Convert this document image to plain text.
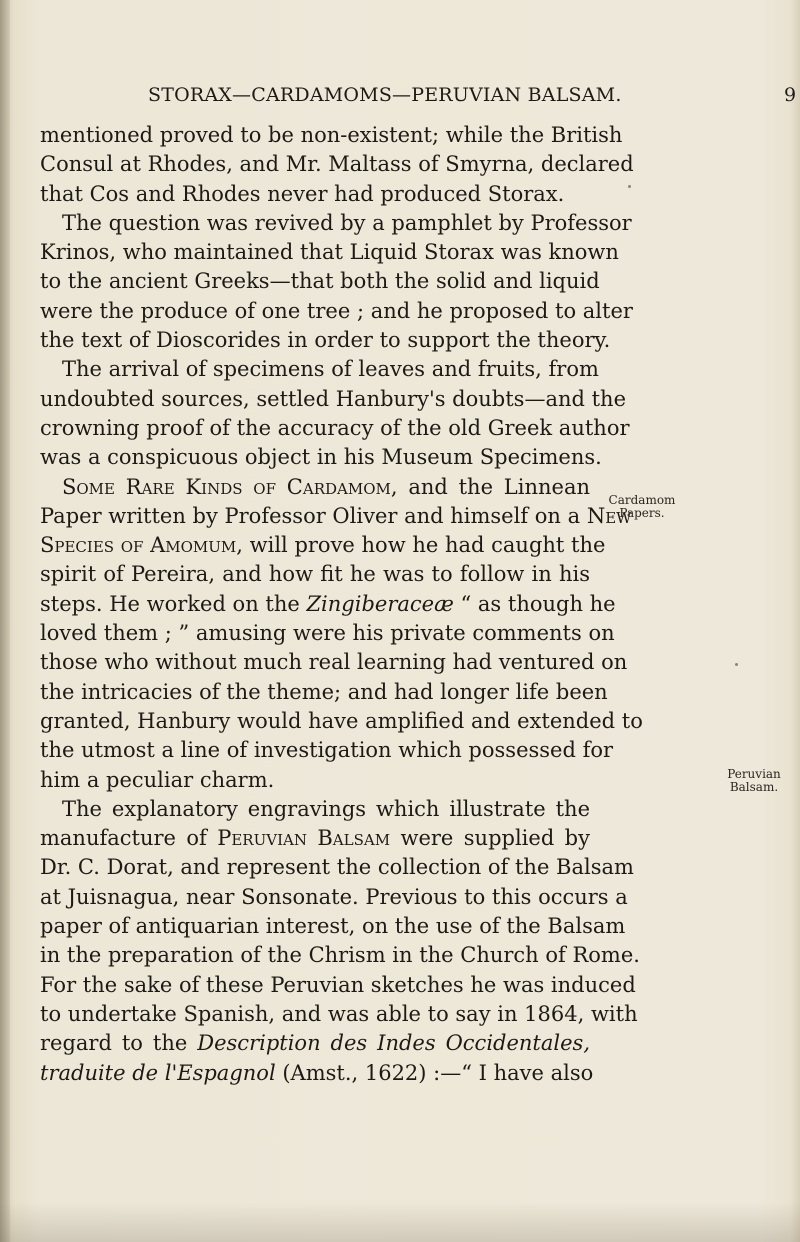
STORAX—CARDAMOMS—PERUVIAN BALSAM.	9
mentioned proved to be non-existent; while the British
Consul at Rhodes, and Mr. Maltass of Smyrna, declared
that Cos and Rhodes never had produced Storax.
The question was revived by a pamphlet by Professor
Krinos, who maintained that Liquid Storax was known
to the ancient Greeks—that both the solid and liquid
were the produce of one tree ; and he proposed to alter
the text of Dioscorides in order to support the theory.
The arrival of specimens of leaves and fruits, from
undoubted sources, settled Hanbury's doubts—and the
crowning proof of the accuracy of the old Greek author
was a conspicuous object in his Museum Specimens.
Some Rare Kinds of Cardamom, and the Linnean
Paper written by Professor Oliver and himself on a New
Species of Amomum, will prove how he had caught the
spirit of Pereira, and how fit he was to follow in his
steps. He worked on the Zingiberaceæ “ as though he
loved them ; ” amusing were his private comments on
those who without much real learning had ventured on
the intricacies of the theme; and had longer life been
granted, Hanbury would have amplified and extended to
the utmost a line of investigation which possessed for
him a peculiar charm.
The explanatory engravings which illustrate the
manufacture of Peruvian Balsam were supplied by
Dr. C. Dorat, and represent the collection of the Balsam
at Juisnagua, near Sonsonate. Previous to this occurs a
paper of antiquarian interest, on the use of the Balsam
in the preparation of the Chrism in the Church of Rome.
For the sake of these Peruvian sketches he was induced
to undertake Spanish, and was able to say in 1864, with
regard to the Description des Indes Occidentales,
traduite de l'Espagnol (Amst., 1622) :—“ I have also
Cardamom
Papers.
Peruvian
Balsam.
